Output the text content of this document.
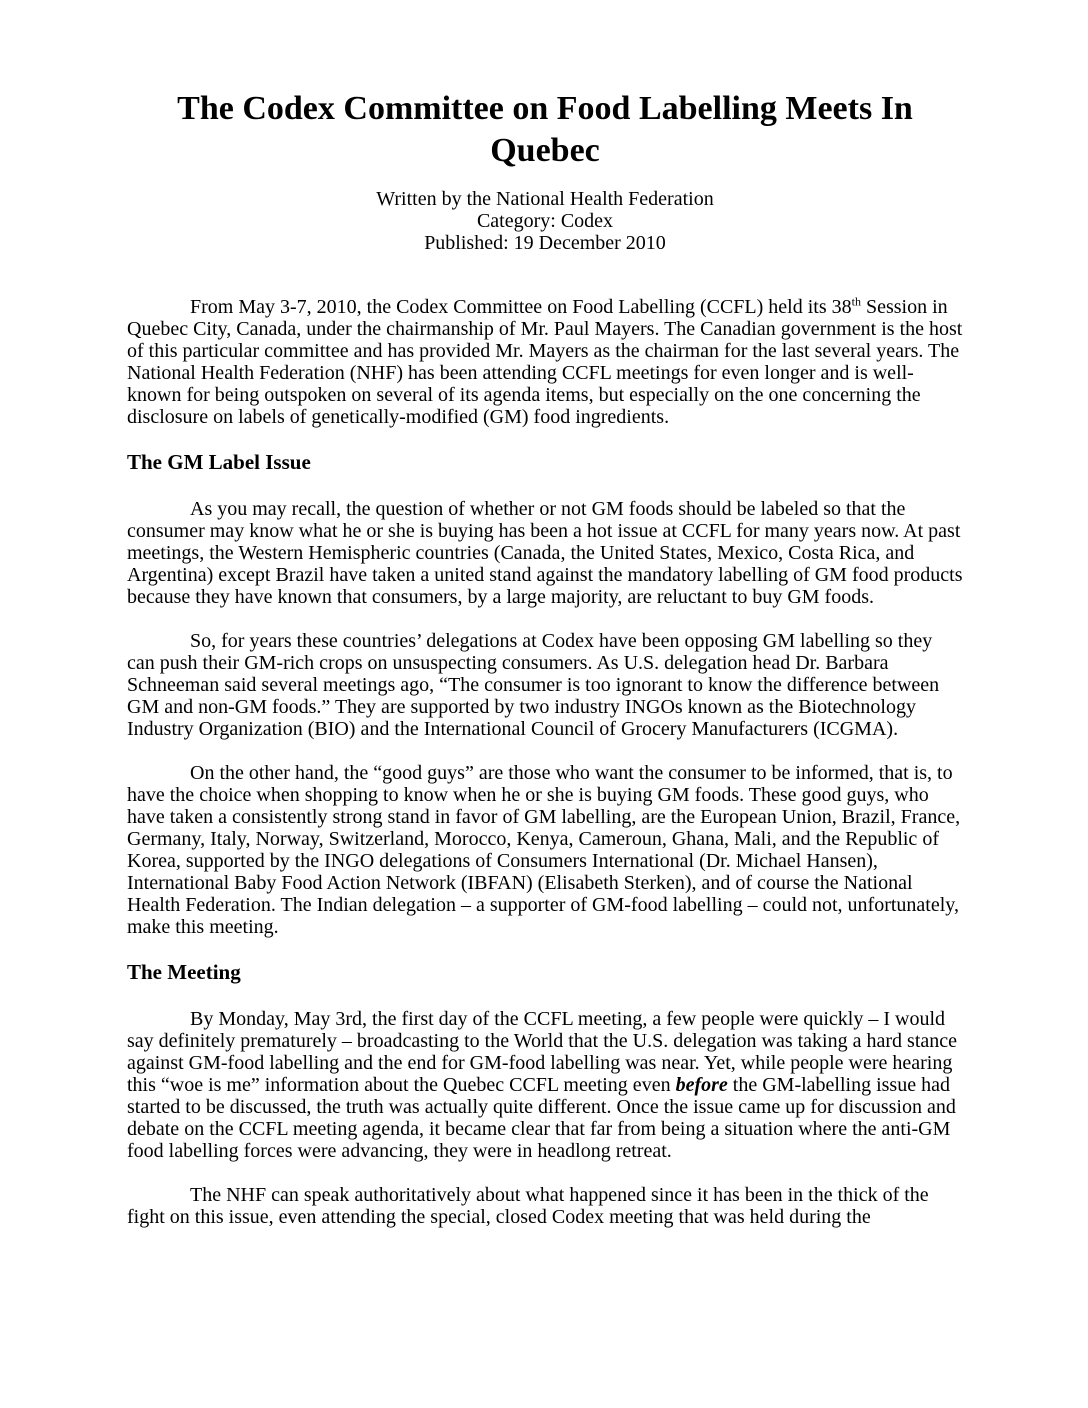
The Codex Committee on Food Labelling Meets In Quebec
Written by the National Health Federation
Category: Codex
Published: 19 December 2010

From May 3-7, 2010, the Codex Committee on Food Labelling (CCFL) held its 38th Session in Quebec City, Canada, under the chairmanship of Mr. Paul Mayers. The Canadian government is the host of this particular committee and has provided Mr. Mayers as the chairman for the last several years. The National Health Federation (NHF) has been attending CCFL meetings for even longer and is well-known for being outspoken on several of its agenda items, but especially on the one concerning the disclosure on labels of genetically-modified (GM) food ingredients.

The GM Label Issue

As you may recall, the question of whether or not GM foods should be labeled so that the consumer may know what he or she is buying has been a hot issue at CCFL for many years now. At past meetings, the Western Hemispheric countries (Canada, the United States, Mexico, Costa Rica, and Argentina) except Brazil have taken a united stand against the mandatory labelling of GM food products because they have known that consumers, by a large majority, are reluctant to buy GM foods.

So, for years these countries’ delegations at Codex have been opposing GM labelling so they can push their GM-rich crops on unsuspecting consumers. As U.S. delegation head Dr. Barbara Schneeman said several meetings ago, “The consumer is too ignorant to know the difference between GM and non-GM foods.” They are supported by two industry INGOs known as the Biotechnology Industry Organization (BIO) and the International Council of Grocery Manufacturers (ICGMA).

On the other hand, the “good guys” are those who want the consumer to be informed, that is, to have the choice when shopping to know when he or she is buying GM foods. These good guys, who have taken a consistently strong stand in favor of GM labelling, are the European Union, Brazil, France, Germany, Italy, Norway, Switzerland, Morocco, Kenya, Cameroun, Ghana, Mali, and the Republic of Korea, supported by the INGO delegations of Consumers International (Dr. Michael Hansen), International Baby Food Action Network (IBFAN) (Elisabeth Sterken), and of course the National Health Federation. The Indian delegation – a supporter of GM-food labelling – could not, unfortunately, make this meeting.

The Meeting

By Monday, May 3rd, the first day of the CCFL meeting, a few people were quickly – I would say definitely prematurely – broadcasting to the World that the U.S. delegation was taking a hard stance against GM-food labelling and the end for GM-food labelling was near. Yet, while people were hearing this “woe is me” information about the Quebec CCFL meeting even before the GM-labelling issue had started to be discussed, the truth was actually quite different. Once the issue came up for discussion and debate on the CCFL meeting agenda, it became clear that far from being a situation where the anti-GM food labelling forces were advancing, they were in headlong retreat.

The NHF can speak authoritatively about what happened since it has been in the thick of the fight on this issue, even attending the special, closed Codex meeting that was held during the
